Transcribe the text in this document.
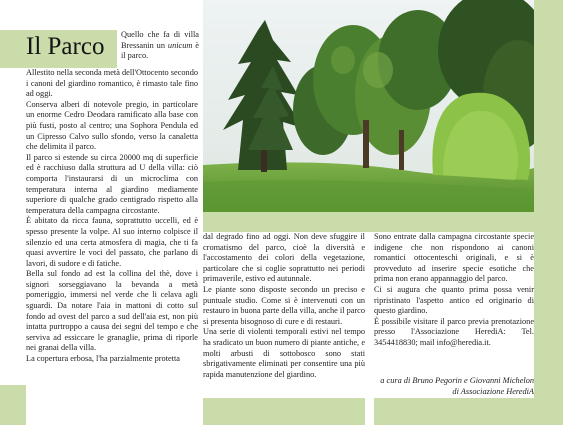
Il Parco Quello che fa di villa Bressanin un unicum è il parco.

Allestito nella seconda metà dell'Ottocento secondo i canoni del giardino romantico, è rimasto tale fino ad oggi.

Conserva alberi di notevole pregio, in particolare un enorme Cedro Deodara ramificato alla base con più fusti, posto al centro; una Sophora Pendula ed un Cipresso Calvo sullo sfondo, verso la canaletta che delimita il parco.

Il parco si estende su circa 20000 mq di superficie ed è racchiuso dalla struttura ad U della villa: ciò comporta l'instaurarsi di un microclima con temperatura interna al giardino mediamente superiore di qualche grado centigrado rispetto alla temperatura della campagna circostante.

È abitato da ricca fauna, soprattutto uccelli, ed è spesso presente la volpe. Al suo interno colpisce il silenzio ed una certa atmosfera di magia, che ti fa quasi avvertire le voci del passato, che parlano di lavori, di sudore e di fatiche.

Bella sul fondo ad est la collina del thè, dove i signori sorseggiavano la bevanda a metà pomeriggio, immersi nel verde che li celava agli sguardi. Da notare l'aia in mattoni di cotto sul fondo ad ovest del parco a sud dell'aia est, non più intatta purtroppo a causa dei segni del tempo e che serviva ad essiccare le granaglie, prima di riporle nei granai della villa.

La copertura erbosa, l'ha parzialmente protetta

dal degrado fino ad oggi. Non deve sfuggire il cromatismo del parco, cioè la diversità e l'accostamento dei colori della vegetazione, particolare che si coglie soprattutto nei periodi primaverile, estivo ed autunnale.

Le piante sono disposte secondo un preciso e puntuale studio. Come si è intervenuti con un restauro in buona parte della villa, anche il parco si presenta bisognoso di cure e di restauri.

Una serie di violenti temporali estivi nel tempo ha sradicato un buon numero di piante antiche, e molti arbusti di sottobosco sono stati sbrigativamente eliminati per consentire una più rapida manutenzione del giardino.

Sono entrate dalla campagna circostante specie indigene che non rispondono ai canoni romantici ottocenteschi originali, e si è provveduto ad inserire specie esotiche che prima non erano appannaggio del parco.

Ci si augura che quanto prima possa venir ripristinato l'aspetto antico ed originario di questo giardino.

È possibile visitare il parco previa prenotazione presso l'Associazione HerediA: Tel. 3454418830; mail info@heredia.it.

a cura di Bruno Pegorin e Giovanni Michelon
di Associazione HerediA
